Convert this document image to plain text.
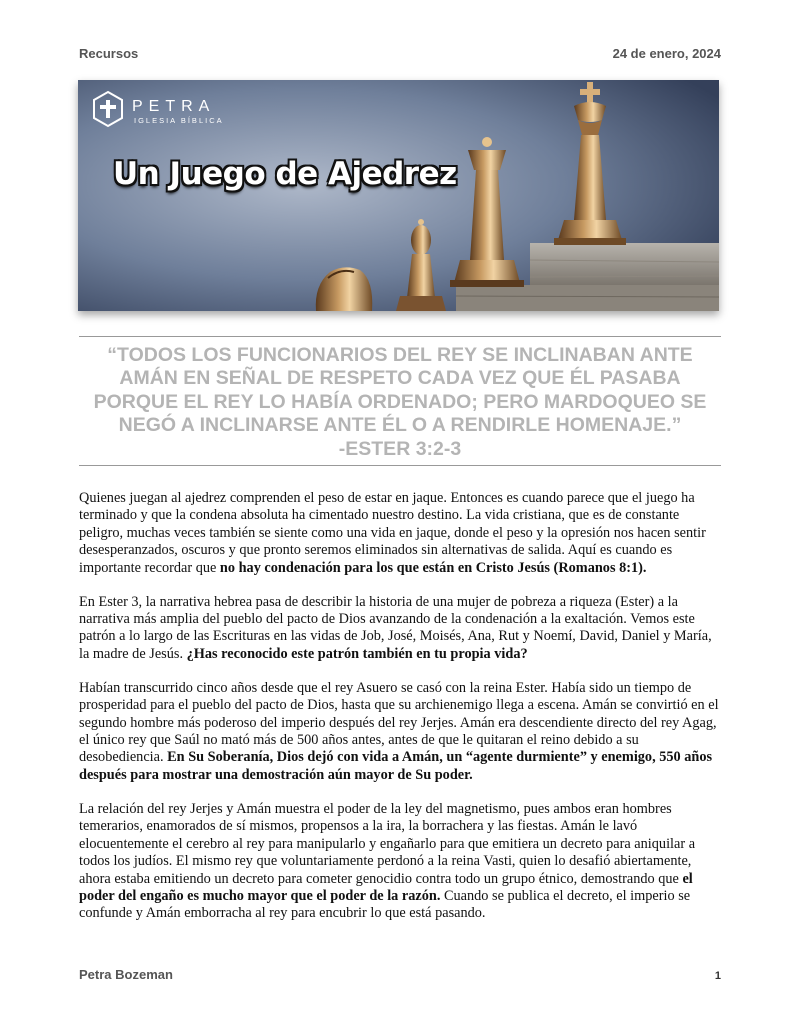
Recursos	24 de enero, 2024
PETRA
IGLESIA BÍBLICA
Un Juego de Ajedrez
“TODOS LOS FUNCIONARIOS DEL REY SE INCLINABAN ANTE AMÁN EN SEÑAL DE RESPETO CADA VEZ QUE ÉL PASABA PORQUE EL REY LO HABÍA ORDENADO; PERO MARDOQUEO SE NEGÓ A INCLINARSE ANTE ÉL O A RENDIRLE HOMENAJE.”
-ESTER 3:2-3

Quienes juegan al ajedrez comprenden el peso de estar en jaque. Entonces es cuando parece que el juego ha terminado y que la condena absoluta ha cimentado nuestro destino. La vida cristiana, que es de constante peligro, muchas veces también se siente como una vida en jaque, donde el peso y la opresión nos hacen sentir desesperanzados, oscuros y que pronto seremos eliminados sin alternativas de salida. Aquí es cuando es importante recordar que no hay condenación para los que están en Cristo Jesús (Romanos 8:1).

En Ester 3, la narrativa hebrea pasa de describir la historia de una mujer de pobreza a riqueza (Ester) a la narrativa más amplia del pueblo del pacto de Dios avanzando de la condenación a la exaltación. Vemos este patrón a lo largo de las Escrituras en las vidas de Job, José, Moisés, Ana, Rut y Noemí, David, Daniel y María, la madre de Jesús. ¿Has reconocido este patrón también en tu propia vida?

Habían transcurrido cinco años desde que el rey Asuero se casó con la reina Ester. Había sido un tiempo de prosperidad para el pueblo del pacto de Dios, hasta que su archienemigo llega a escena. Amán se convirtió en el segundo hombre más poderoso del imperio después del rey Jerjes. Amán era descendiente directo del rey Agag, el único rey que Saúl no mató más de 500 años antes, antes de que le quitaran el reino debido a su desobediencia. En Su Soberanía, Dios dejó con vida a Amán, un “agente durmiente” y enemigo, 550 años después para mostrar una demostración aún mayor de Su poder.

La relación del rey Jerjes y Amán muestra el poder de la ley del magnetismo, pues ambos eran hombres temerarios, enamorados de sí mismos, propensos a la ira, la borrachera y las fiestas. Amán le lavó elocuentemente el cerebro al rey para manipularlo y engañarlo para que emitiera un decreto para aniquilar a todos los judíos. El mismo rey que voluntariamente perdonó a la reina Vasti, quien lo desafió abiertamente, ahora estaba emitiendo un decreto para cometer genocidio contra todo un grupo étnico, demostrando que el poder del engaño es mucho mayor que el poder de la razón. Cuando se publica el decreto, el imperio se confunde y Amán emborracha al rey para encubrir lo que está pasando.

Petra Bozeman	1
